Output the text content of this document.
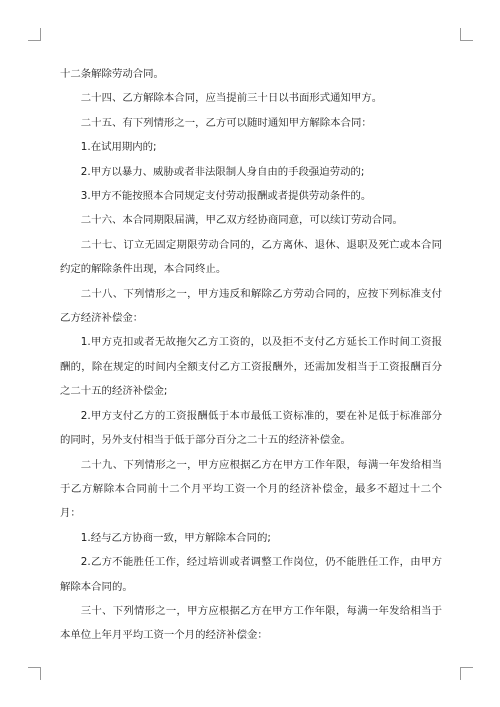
十二条解除劳动合同。

二十四、乙方解除本合同，应当提前三十日以书面形式通知甲方。

二十五、有下列情形之一，乙方可以随时通知甲方解除本合同：

1.在试用期内的;

2.甲方以暴力、威胁或者非法限制人身自由的手段强迫劳动的;

3.甲方不能按照本合同规定支付劳动报酬或者提供劳动条件的。

二十六、本合同期限届满，甲乙双方经协商同意，可以续订劳动合同。

二十七、订立无固定期限劳动合同的，乙方离休、退休、退职及死亡或本合同约定的解除条件出现，本合同终止。

二十八、下列情形之一，甲方违反和解除乙方劳动合同的，应按下列标准支付乙方经济补偿金：

1.甲方克扣或者无故拖欠乙方工资的，以及拒不支付乙方延长工作时间工资报酬的，除在规定的时间内全额支付乙方工资报酬外，还需加发相当于工资报酬百分之二十五的经济补偿金;

2.甲方支付乙方的工资报酬低于本市最低工资标准的，要在补足低于标准部分的同时，另外支付相当于低于部分百分之二十五的经济补偿金。

二十九、下列情形之一，甲方应根据乙方在甲方工作年限，每满一年发给相当于乙方解除本合同前十二个月平均工资一个月的经济补偿金，最多不超过十二个月：

1.经与乙方协商一致，甲方解除本合同的;

2.乙方不能胜任工作，经过培训或者调整工作岗位，仍不能胜任工作，由甲方解除本合同的。

三十、下列情形之一，甲方应根据乙方在甲方工作年限，每满一年发给相当于本单位上年月平均工资一个月的经济补偿金：
